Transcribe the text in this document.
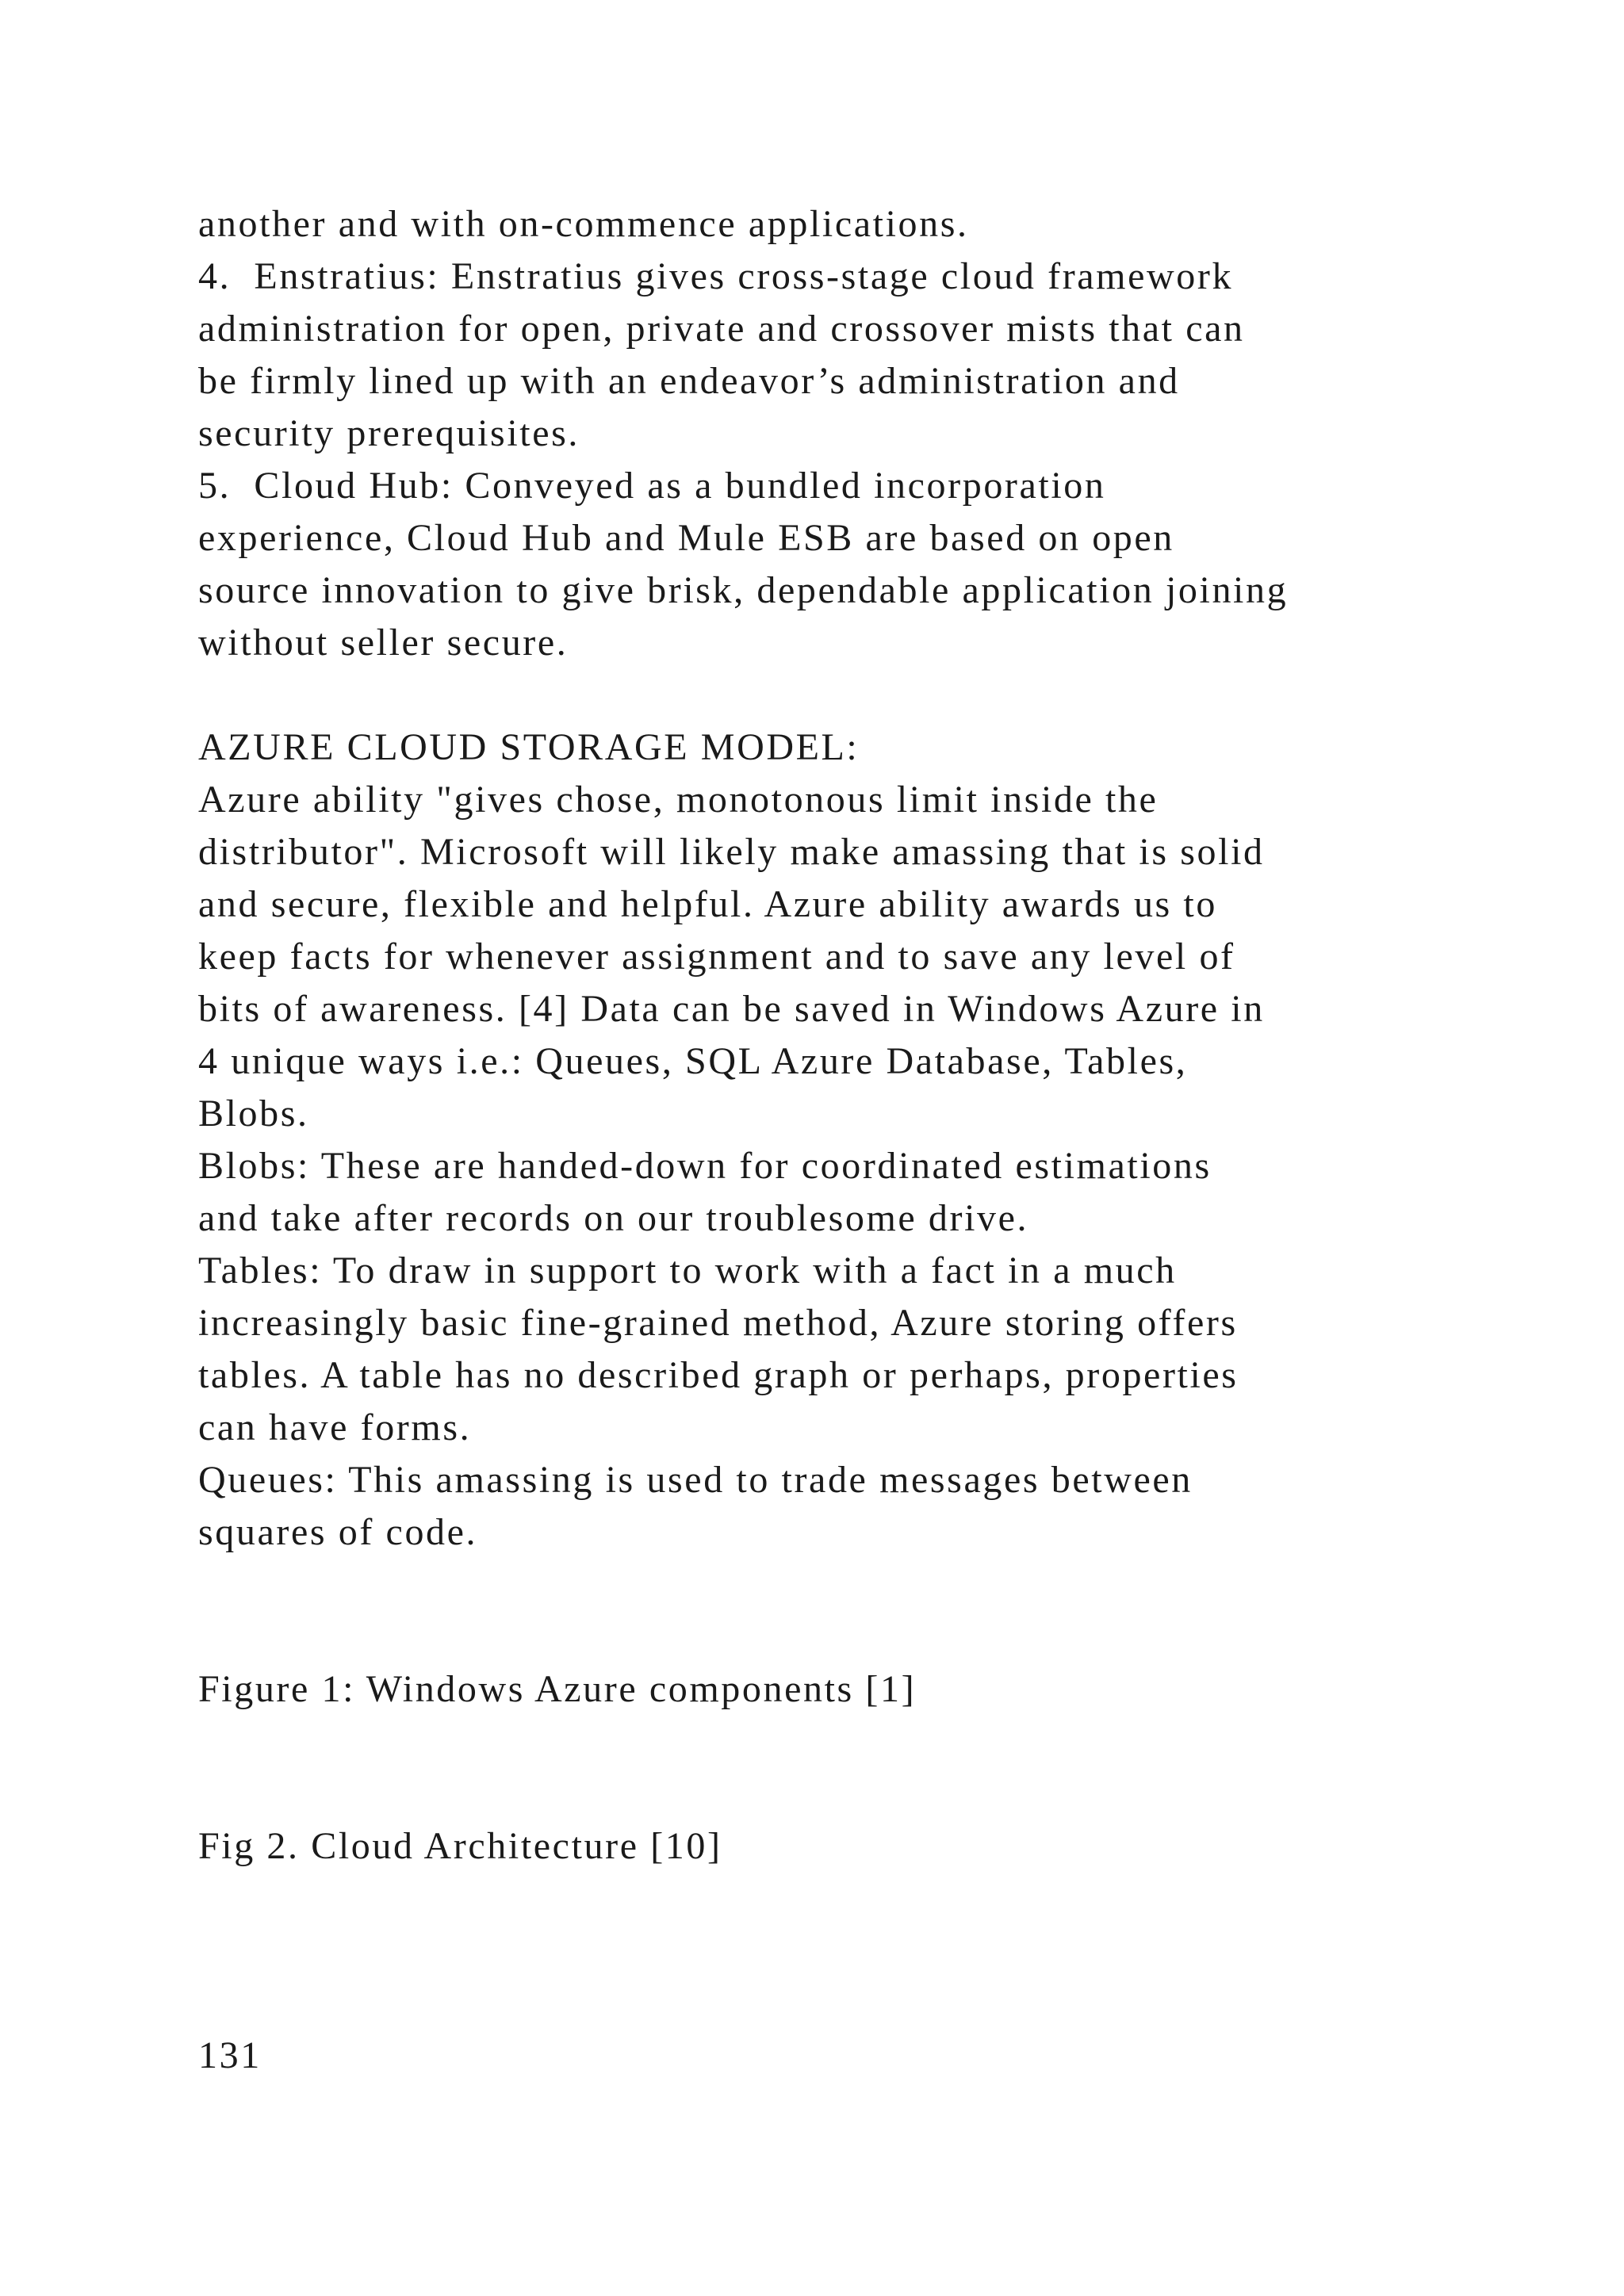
another and with on-commence applications.

4.  Enstratius: Enstratius gives cross-stage cloud framework

administration for open, private and crossover mists that can

be firmly lined up with an endeavor’s administration and

security prerequisites.

5.  Cloud Hub: Conveyed as a bundled incorporation

experience, Cloud Hub and Mule ESB are based on open

source innovation to give brisk, dependable application joining

without seller secure.

AZURE CLOUD STORAGE MODEL:

Azure ability "gives chose, monotonous limit inside the

distributor". Microsoft will likely make amassing that is solid

and secure, flexible and helpful. Azure ability awards us to

keep facts for whenever assignment and to save any level of

bits of awareness. [4] Data can be saved in Windows Azure in

4 unique ways i.e.: Queues, SQL Azure Database, Tables,

Blobs.

Blobs: These are handed-down for coordinated estimations

and take after records on our troublesome drive.

Tables: To draw in support to work with a fact in a much

increasingly basic fine-grained method, Azure storing offers

tables. A table has no described graph or perhaps, properties

can have forms.

Queues: This amassing is used to trade messages between

squares of code.

Figure 1: Windows Azure components [1]

Fig 2. Cloud Architecture [10]

131
